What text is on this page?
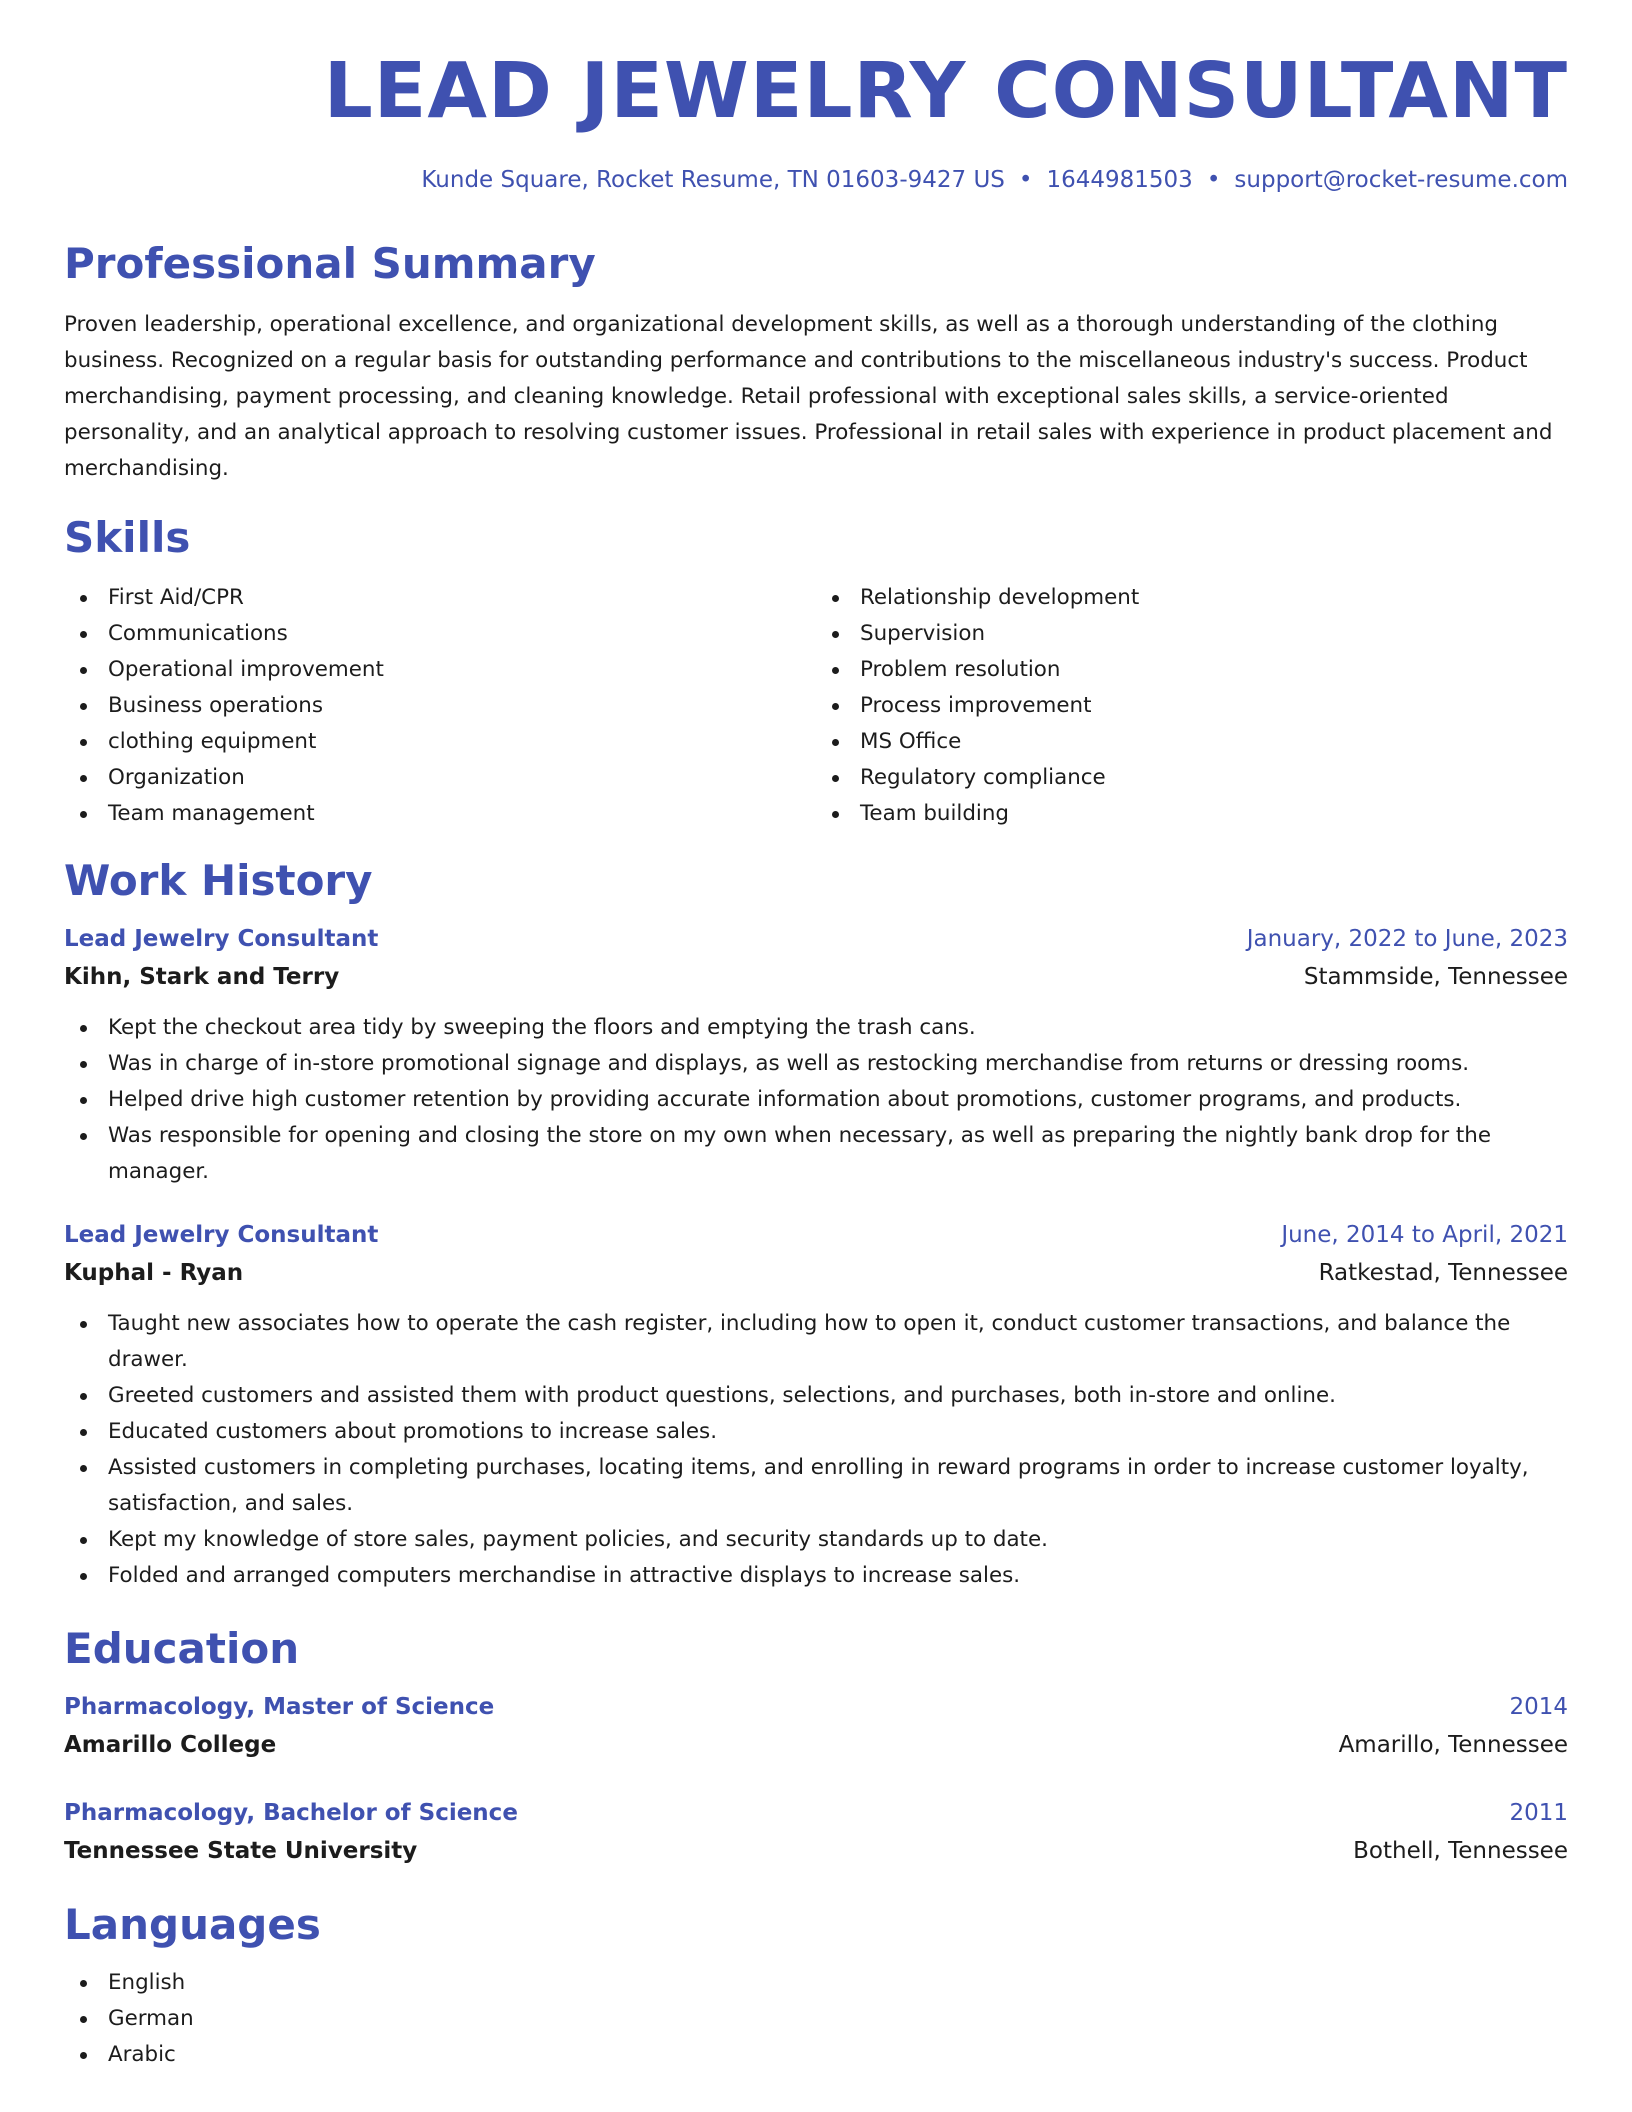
LEAD JEWELRY CONSULTANT
Kunde Square, Rocket Resume, TN 01603-9427 US • 1644981503 • support@rocket-resume.com
Professional Summary

Proven leadership, operational excellence, and organizational development skills, as well as a thorough understanding of the clothing business. Recognized on a regular basis for outstanding performance and contributions to the miscellaneous industry's success. Product merchandising, payment processing, and cleaning knowledge. Retail professional with exceptional sales skills, a service-oriented personality, and an analytical approach to resolving customer issues. Professional in retail sales with experience in product placement and merchandising.

Skills
First Aid/CPR
Communications
Operational improvement
Business operations
clothing equipment
Organization
Team management
Relationship development
Supervision
Problem resolution
Process improvement
MS Office
Regulatory compliance
Team building
Work History
Lead Jewelry Consultant	January, 2022 to June, 2023
Kihn, Stark and Terry	Stammside, Tennessee
Kept the checkout area tidy by sweeping the floors and emptying the trash cans.
Was in charge of in-store promotional signage and displays, as well as restocking merchandise from returns or dressing rooms.
Helped drive high customer retention by providing accurate information about promotions, customer programs, and products.
Was responsible for opening and closing the store on my own when necessary, as well as preparing the nightly bank drop for the manager.
Lead Jewelry Consultant	June, 2014 to April, 2021
Kuphal - Ryan	Ratkestad, Tennessee
Taught new associates how to operate the cash register, including how to open it, conduct customer transactions, and balance the drawer.
Greeted customers and assisted them with product questions, selections, and purchases, both in-store and online.
Educated customers about promotions to increase sales.
Assisted customers in completing purchases, locating items, and enrolling in reward programs in order to increase customer loyalty, satisfaction, and sales.
Kept my knowledge of store sales, payment policies, and security standards up to date.
Folded and arranged computers merchandise in attractive displays to increase sales.
Education
Pharmacology, Master of Science	2014
Amarillo College	Amarillo, Tennessee
Pharmacology, Bachelor of Science	2011
Tennessee State University	Bothell, Tennessee
Languages
English
German
Arabic
